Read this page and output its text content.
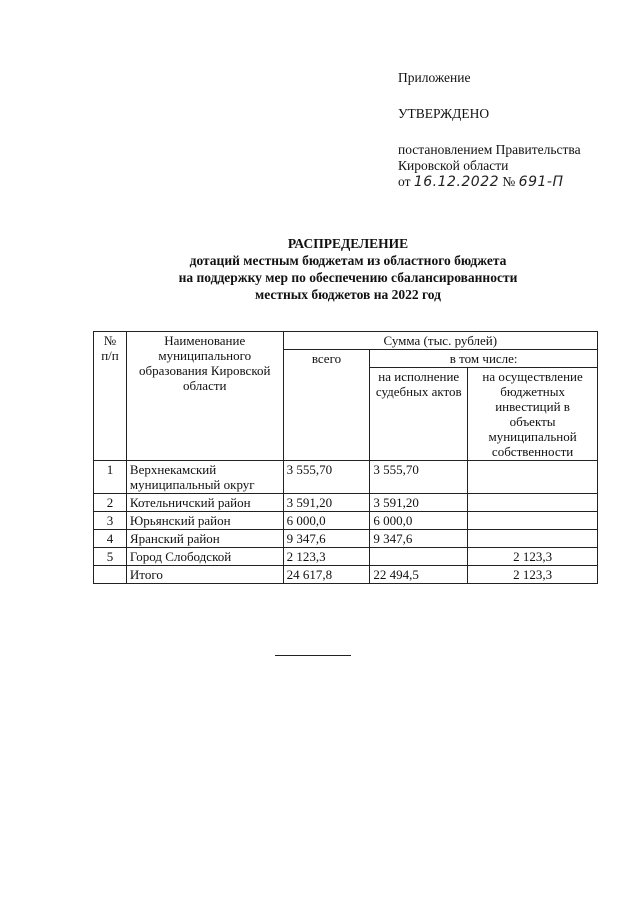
Приложение
УТВЕРЖДЕНО
постановлением Правительства
Кировской области
от 16.12.2022 № 691-П
РАСПРЕДЕЛЕНИЕ
дотаций местным бюджетам из областного бюджета
на поддержку мер по обеспечению сбалансированности
местных бюджетов на 2022 год
№ п/п	Наименование муниципального образования Кировской области	Сумма (тыс. рублей)		
		всего	в том числе:	
			на исполнение судебных актов	на осуществление бюджетных инвестиций в объекты муниципальной собственности
1	Верхнекамский муниципальный округ	3 555,70	3 555,70	
2	Котельничский район	3 591,20	3 591,20	
3	Юрьянский район	6 000,0	6 000,0	
4	Яранский район	9 347,6	9 347,6	
5	Город Слободской	2 123,3		2 123,3
	Итого	24 617,8	22 494,5	2 123,3
